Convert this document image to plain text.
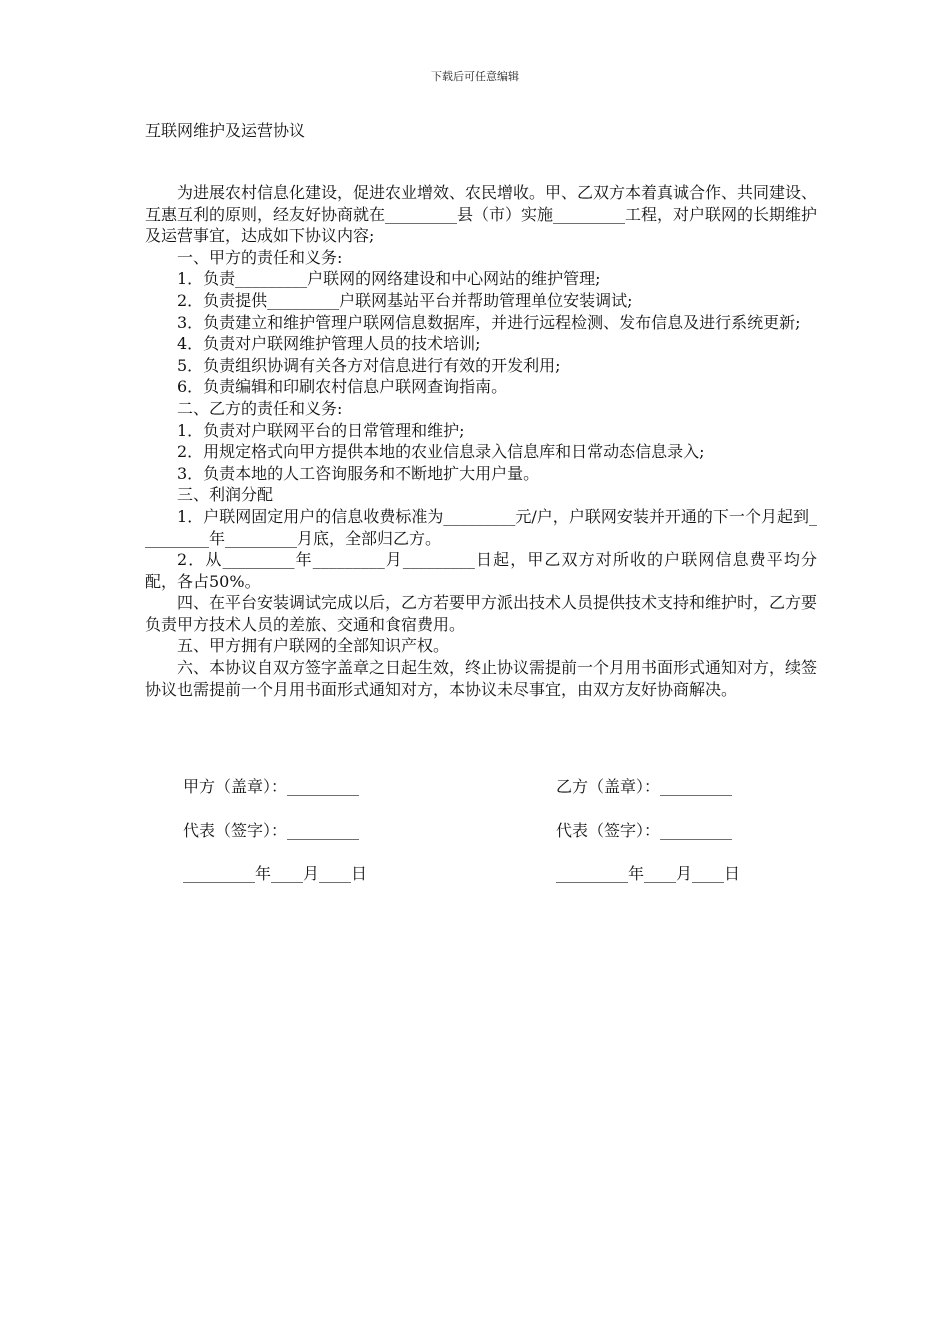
下载后可任意编辑
互联网维护及运营协议

为进展农村信息化建设，促进农业增效、农民增收。甲、乙双方本着真诚合作、共同建设、互惠互利的原则，经友好协商就在_________县（市）实施_________工程，对户联网的长期维护及运营事宜，达成如下协议内容;

一、甲方的责任和义务:

1．负责_________户联网的网络建设和中心网站的维护管理;

2．负责提供_________户联网基站平台并帮助管理单位安装调试;

3．负责建立和维护管理户联网信息数据库，并进行远程检测、发布信息及进行系统更新;

4．负责对户联网维护管理人员的技术培训;

5．负责组织协调有关各方对信息进行有效的开发利用;

6．负责编辑和印刷农村信息户联网查询指南。

二、乙方的责任和义务:

1．负责对户联网平台的日常管理和维护;

2．用规定格式向甲方提供本地的农业信息录入信息库和日常动态信息录入;

3．负责本地的人工咨询服务和不断地扩大用户量。

三、利润分配

1．户联网固定用户的信息收费标准为_________元/户，户联网安装并开通的下一个月起到_________年_________月底，全部归乙方。

2．从_________年_________月_________日起，甲乙双方对所收的户联网信息费平均分配，各占50%。

四、在平台安装调试完成以后，乙方若要甲方派出技术人员提供技术支持和维护时，乙方要负责甲方技术人员的差旅、交通和食宿费用。

五、甲方拥有户联网的全部知识产权。

六、本协议自双方签字盖章之日起生效，终止协议需提前一个月用书面形式通知对方，续签协议也需提前一个月用书面形式通知对方，本协议未尽事宜，由双方友好协商解决。

甲方（盖章）：_________	乙方（盖章）：_________
代表（签字）：_________	代表（签字）：_________
_________年____月____日	_________年____月____日
